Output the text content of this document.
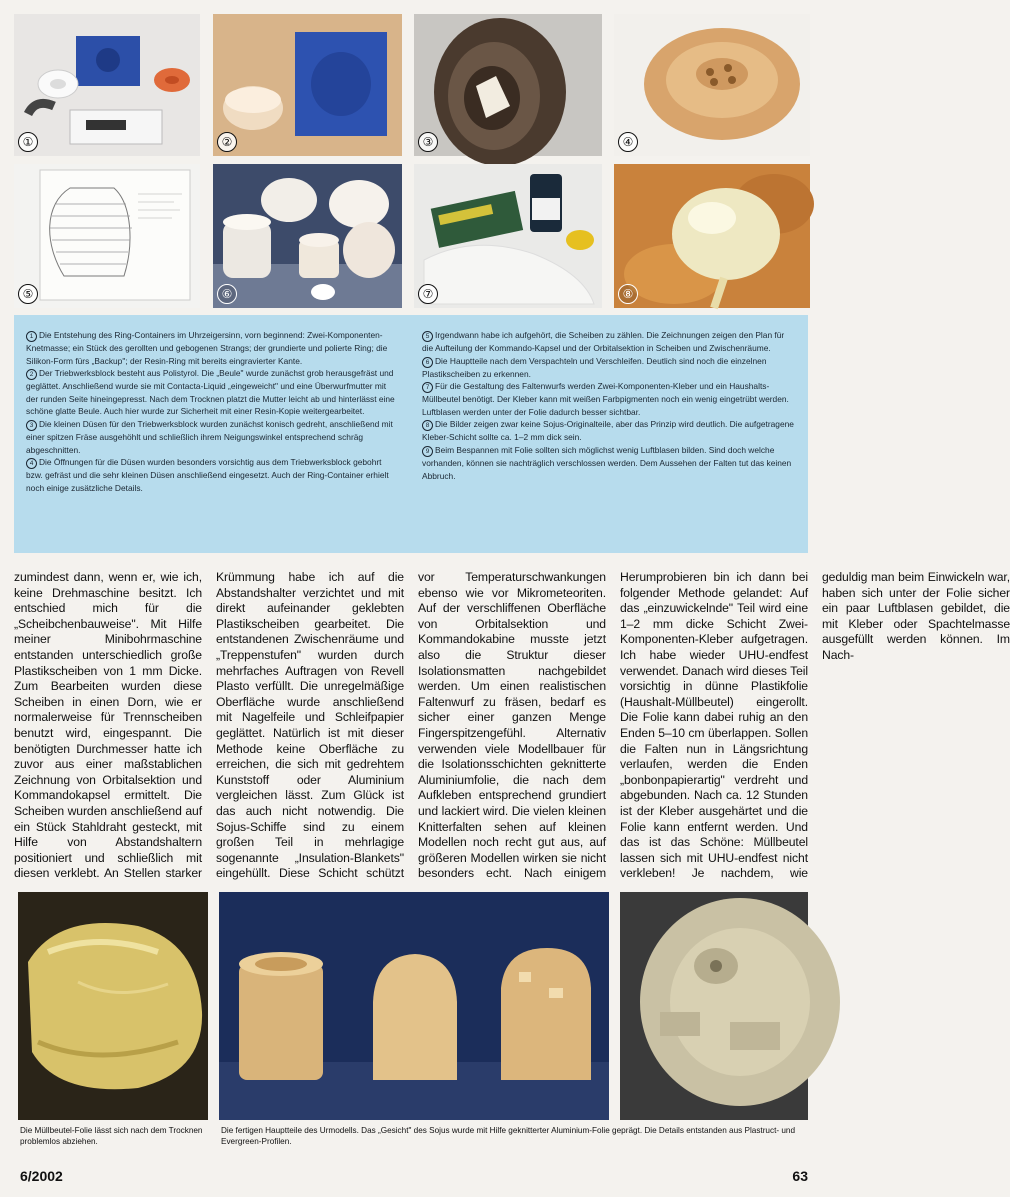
①	②	③	④
⑤	⑥	⑦	⑧

1 Die Entstehung des Ring-Containers im Uhrzeigersinn, vorn beginnend: Zwei-Komponenten-Knetmasse; ein Stück des gerollten und gebogenen Strangs; der grundierte und polierte Ring; die Silikon-Form fürs „Backup"; der Resin-Ring mit bereits eingravierter Kante.

2 Der Triebwerksblock besteht aus Polistyrol. Die „Beule" wurde zunächst grob herausgefräst und geglättet. Anschließend wurde sie mit Contacta-Liquid „eingeweicht" und eine Überwurfmutter mit der runden Seite hineingepresst. Nach dem Trocknen platzt die Mutter leicht ab und hinterlässt eine schöne glatte Beule. Auch hier wurde zur Sicherheit mit einer Resin-Kopie weitergearbeitet.

3 Die kleinen Düsen für den Triebwerksblock wurden zunächst konisch gedreht, anschließend mit einer spitzen Fräse ausgehöhlt und schließlich ihrem Neigungswinkel entsprechend schräg abgeschnitten.

4 Die Öffnungen für die Düsen wurden besonders vorsichtig aus dem Triebwerksblock gebohrt bzw. gefräst und die sehr kleinen Düsen anschließend eingesetzt. Auch der Ring-Container erhielt noch einige zusätzliche Details.

5 Irgendwann habe ich aufgehört, die Scheiben zu zählen. Die Zeichnungen zeigen den Plan für die Aufteilung der Kommando-Kapsel und der Orbitalsektion in Scheiben und Zwischenräume.

6 Die Hauptteile nach dem Verspachteln und Verschleifen. Deutlich sind noch die einzelnen Plastikscheiben zu erkennen.

7 Für die Gestaltung des Faltenwurfs werden Zwei-Komponenten-Kleber und ein Haushalts-Müllbeutel benötigt. Der Kleber kann mit weißen Farbpigmenten noch ein wenig eingetrübt werden. Luftblasen werden unter der Folie dadurch besser sichtbar.

8 Die Bilder zeigen zwar keine Sojus-Originalteile, aber das Prinzip wird deutlich. Die aufgetragene Kleber-Schicht sollte ca. 1–2 mm dick sein.

9 Beim Bespannen mit Folie sollten sich möglichst wenig Luftblasen bilden. Sind doch welche vorhanden, können sie nachträglich verschlossen werden. Dem Aussehen der Falten tut das keinen Abbruch.

zumindest dann, wenn er, wie ich, keine Drehmaschine besitzt. Ich entschied mich für die „Scheibchenbauweise". Mit Hilfe meiner Minibohrmaschine entstanden unterschiedlich große Plastikscheiben von 1 mm Dicke. Zum Bearbeiten wurden diese Scheiben in einen Dorn, wie er normalerweise für Trennscheiben benutzt wird, eingespannt. Die benötigten Durchmesser hatte ich zuvor aus einer maßstablichen Zeichnung von Orbitalsektion und Kommandokapsel ermittelt. Die Scheiben wurden anschließend auf ein Stück Stahldraht gesteckt, mit Hilfe von Abstandshaltern positioniert und schließlich mit diesen verklebt. An Stellen starker Krümmung habe ich auf die Abstandshalter verzichtet und mit direkt aufeinander geklebten Plastikscheiben gearbeitet. Die entstandenen Zwischenräume und „Treppenstufen" wurden durch mehrfaches Auftragen von Revell Plasto verfüllt. Die unregelmäßige Oberfläche wurde anschließend mit Nagelfeile und Schleifpapier geglättet. Natürlich ist mit dieser Methode keine Oberfläche zu erreichen, die sich mit gedrehtem Kunststoff oder Aluminium vergleichen lässt. Zum Glück ist das auch nicht notwendig. Die Sojus-Schiffe sind zu einem großen Teil in mehrlagige sogenannte „Insulation-Blankets" eingehüllt. Diese Schicht schützt vor Temperaturschwankungen ebenso wie vor Mikrometeoriten. Auf der verschliffenen Oberfläche von Orbitalsektion und Kommandokabine musste jetzt also die Struktur dieser Isolationsmatten nachgebildet werden. Um einen realistischen Faltenwurf zu fräsen, bedarf es sicher einer ganzen Menge Fingerspitzengefühl. Alternativ verwenden viele Modellbauer für die Isolationsschichten geknitterte Aluminiumfolie, die nach dem Aufkleben entsprechend grundiert und lackiert wird. Die vielen kleinen Knitterfalten sehen auf kleinen Modellen noch recht gut aus, auf größeren Modellen wirken sie nicht besonders echt. Nach einigem Herumprobieren bin ich dann bei folgender Methode gelandet: Auf das „einzuwickelnde" Teil wird eine 1–2 mm dicke Schicht Zwei-Komponenten-Kleber aufgetragen. Ich habe wieder UHU-endfest verwendet. Danach wird dieses Teil vorsichtig in dünne Plastikfolie (Haushalt-Müllbeutel) eingerollt. Die Folie kann dabei ruhig an den Enden 5–10 cm überlappen. Sollen die Falten nun in Längsrichtung verlaufen, werden die Enden „bonbonpapierartig" verdreht und abgebunden. Nach ca. 12 Stunden ist der Kleber ausgehärtet und die Folie kann entfernt werden. Und das ist das Schöne: Müllbeutel lassen sich mit UHU-endfest nicht verkleben! Je nachdem, wie geduldig man beim Einwickeln war, haben sich unter der Folie sicher ein paar Luftblasen gebildet, die mit Kleber oder Spachtelmasse ausgefüllt werden können. Im Nach-
Die Müllbeutel-Folie lässt sich nach dem Trocknen problemlos abziehen.
Die fertigen Hauptteile des Urmodells. Das „Gesicht" des Sojus wurde mit Hilfe geknitterter Aluminium-Folie geprägt. Die Details entstanden aus Plastruct- und Evergreen-Profilen.
6/2002	63
